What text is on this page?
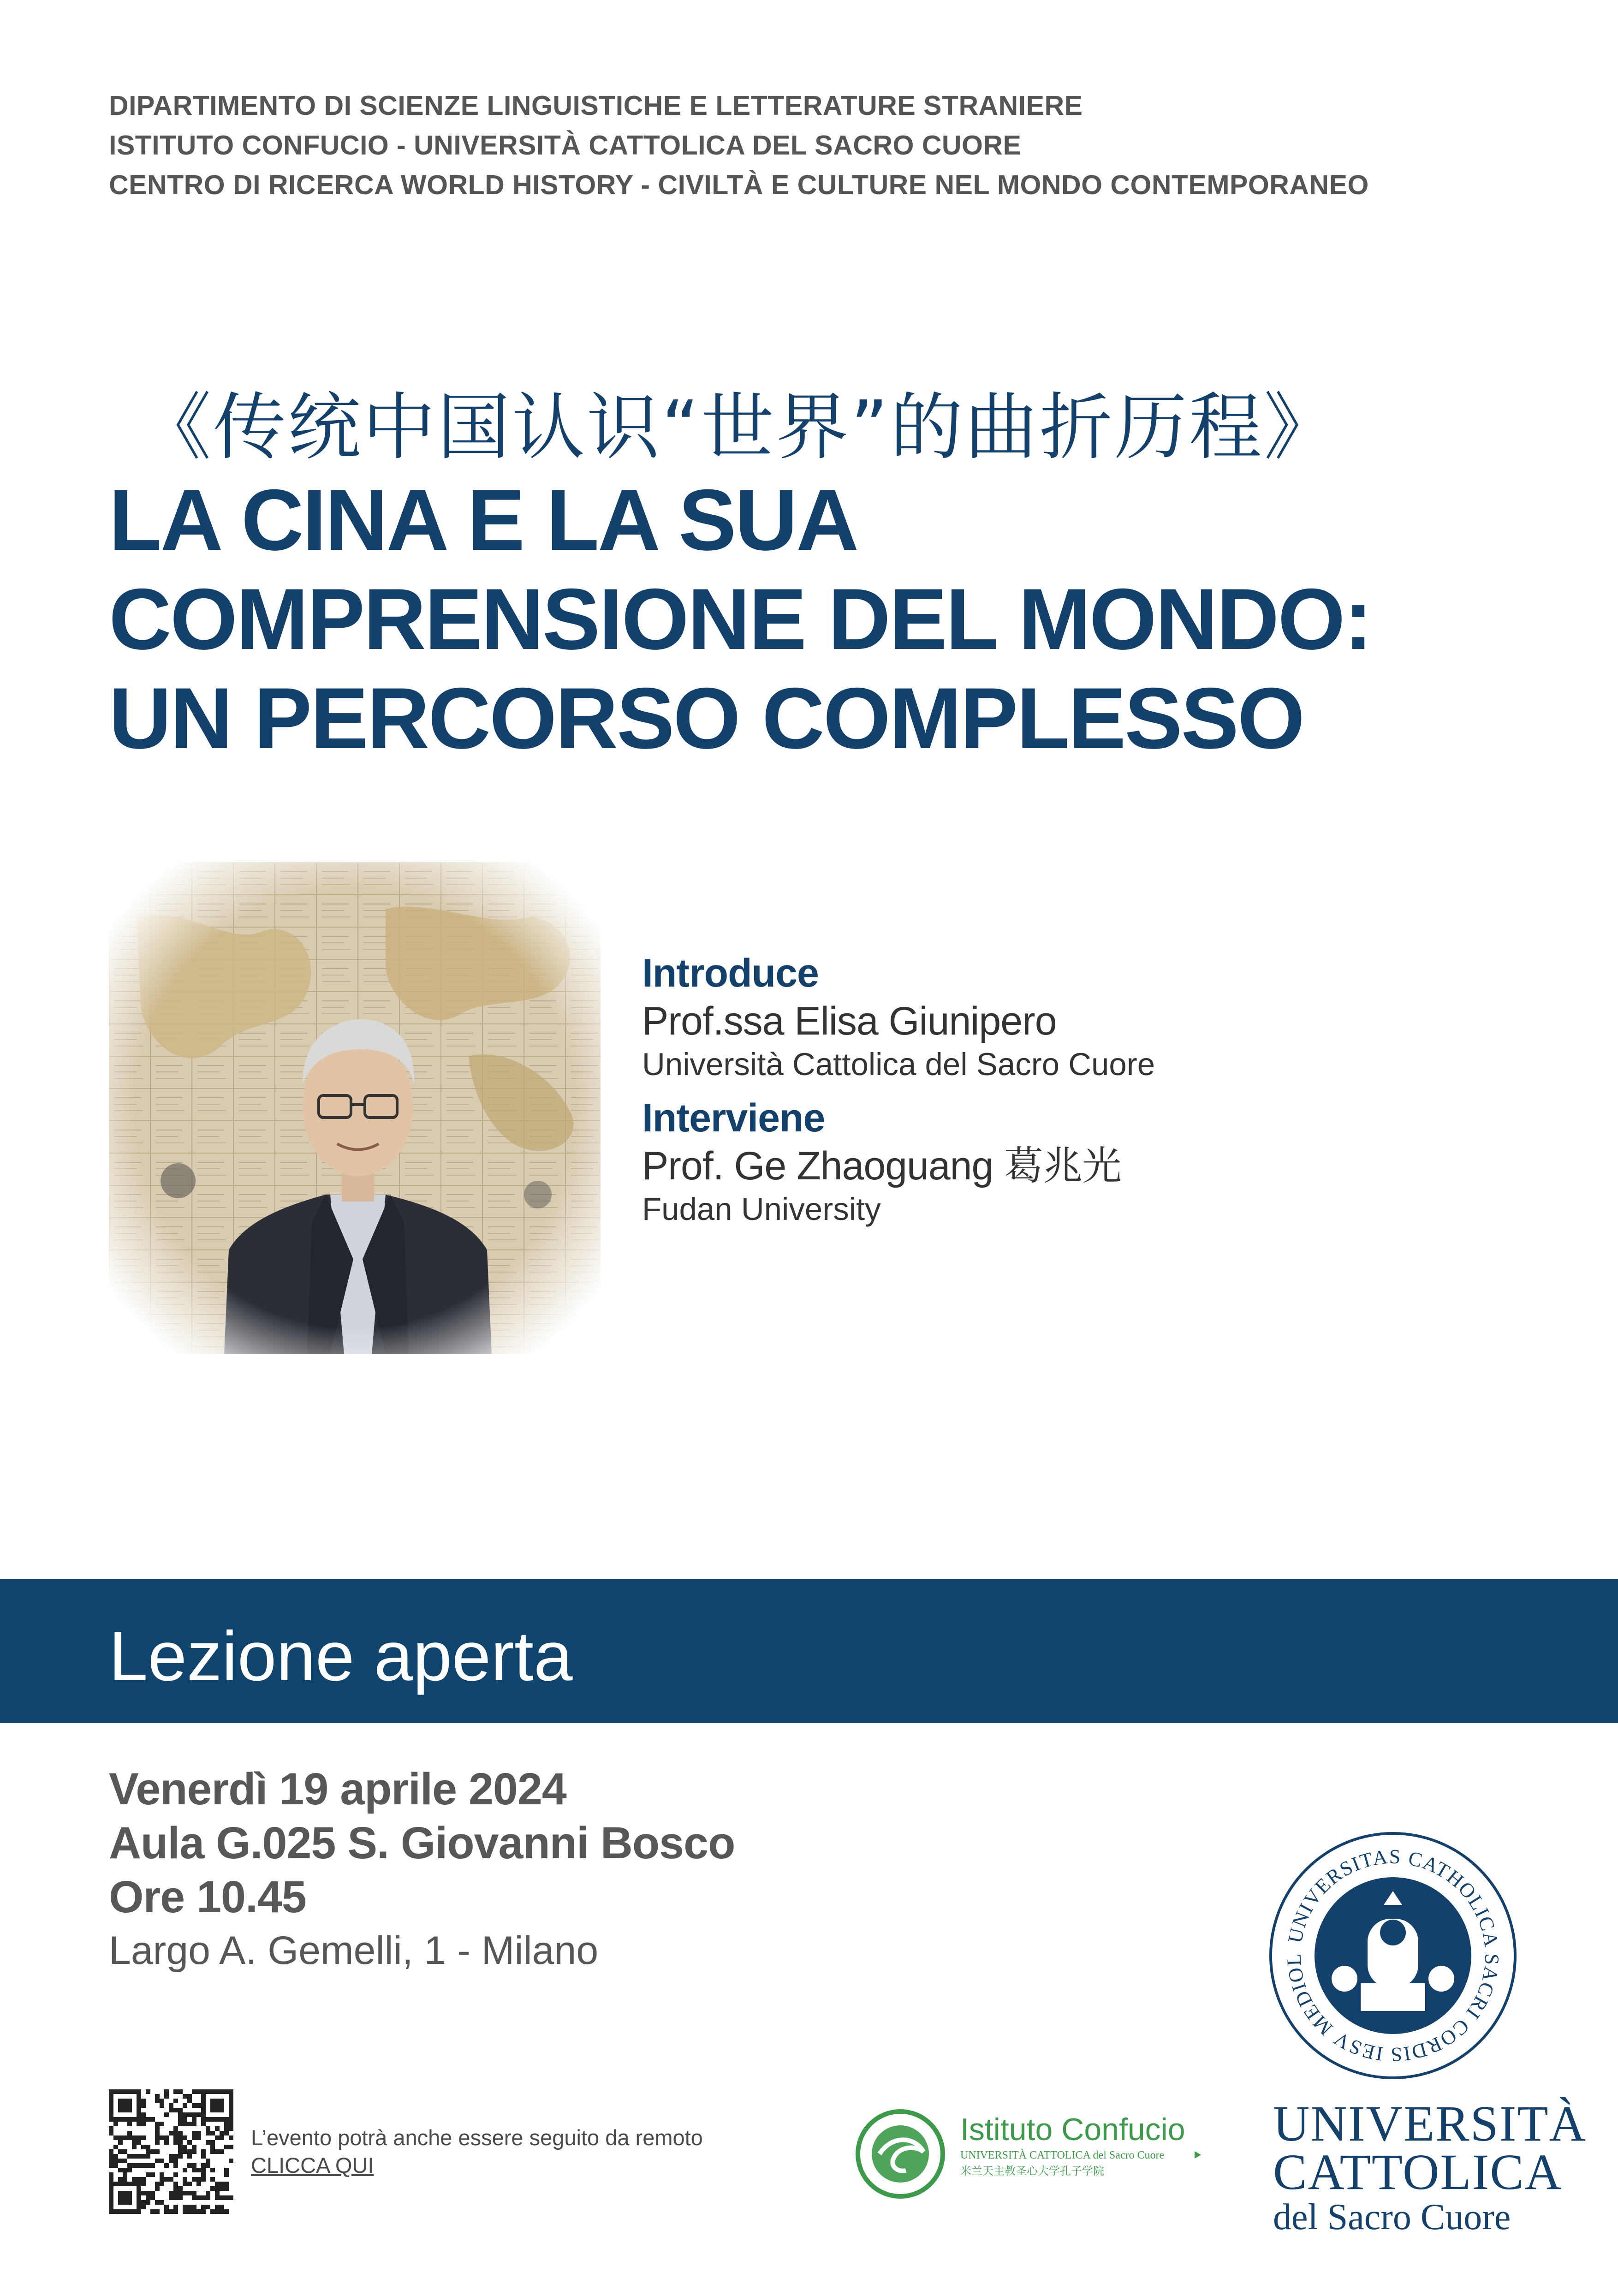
DIPARTIMENTO DI SCIENZE LINGUISTICHE E LETTERATURE STRANIERE
ISTITUTO CONFUCIO - UNIVERSITÀ CATTOLICA DEL SACRO CUORE
CENTRO DI RICERCA WORLD HISTORY - CIVILTÀ E CULTURE NEL MONDO CONTEMPORANEO
《传统中国认识“世界”的曲折历程》
LA CINA E LA SUA
COMPRENSIONE DEL MONDO:
UN PERCORSO COMPLESSO
Introduce
Prof.ssa Elisa Giunipero
Università Cattolica del Sacro Cuore
Interviene
Prof. Ge Zhaoguang 葛兆光
Fudan University
Lezione aperta
Venerdì 19 aprile 2024
Aula G.025 S. Giovanni Bosco
Ore 10.45
Largo A. Gemelli, 1 - Milano
L’evento potrà anche essere seguito da remoto
CLICCA QUI
Istituto Confucio
UNIVERSITÀ CATTOLICA del Sacro Cuore
米兰天主教圣心大学孔子学院
UNIVERSITAS CATHOLICA SACRI CORDIS IESV MEDIOL
UNIVERSITÀ
CATTOLICA
del Sacro Cuore
